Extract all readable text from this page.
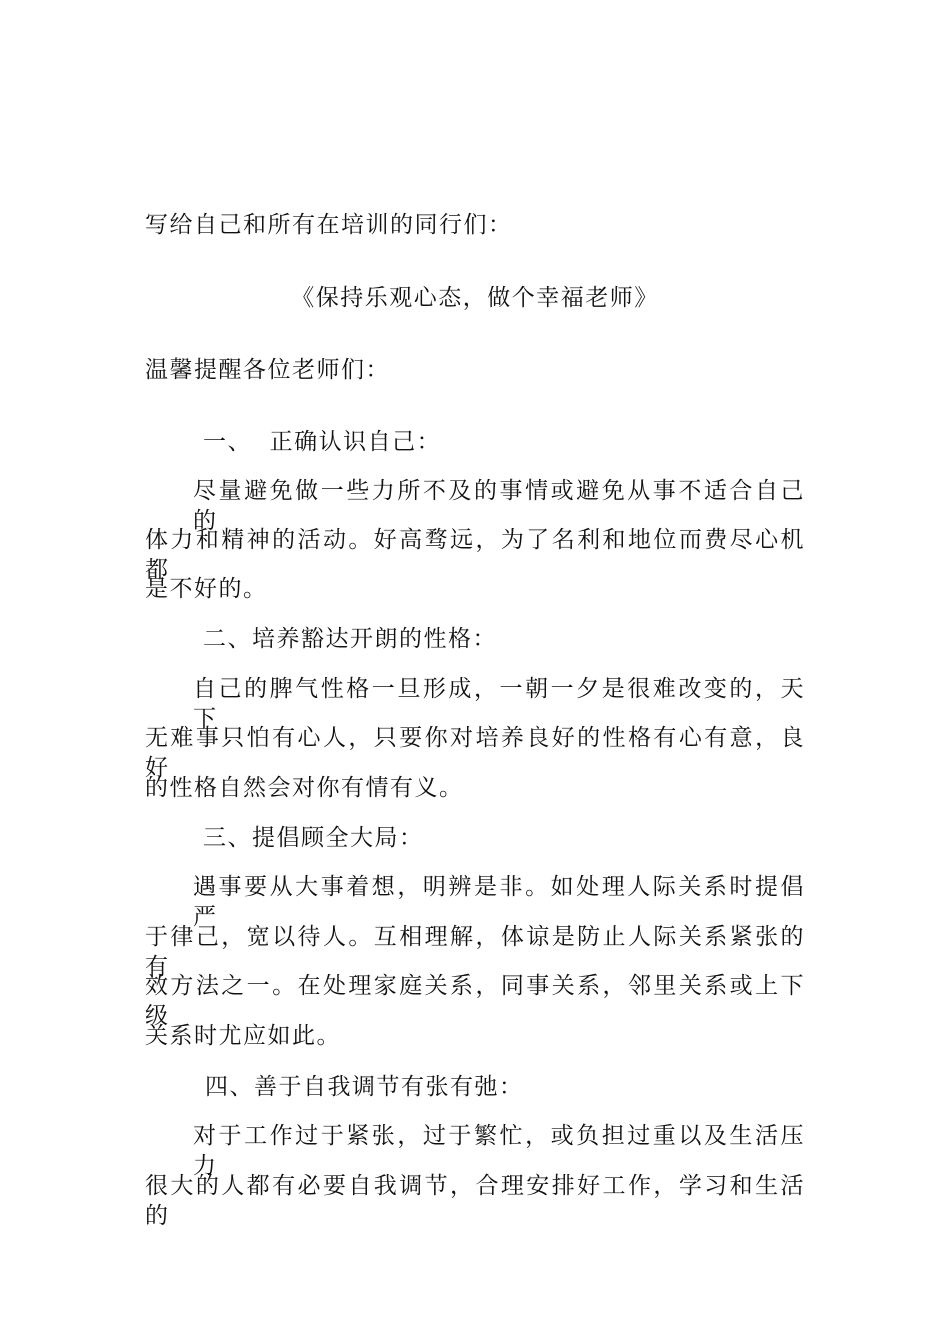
写给自己和所有在培训的同行们：
《保持乐观心态，做个幸福老师》
温馨提醒各位老师们：
一、  正确认识自己：
尽量避免做一些力所不及的事情或避免从事不适合自己的
体力和精神的活动。好高骛远，为了名利和地位而费尽心机都
是不好的。
二、培养豁达开朗的性格：
自己的脾气性格一旦形成，一朝一夕是很难改变的，天下
无难事只怕有心人，只要你对培养良好的性格有心有意，良好
的性格自然会对你有情有义。
三、提倡顾全大局：
遇事要从大事着想，明辨是非。如处理人际关系时提倡严
于律己，宽以待人。互相理解，体谅是防止人际关系紧张的有
效方法之一。在处理家庭关系，同事关系，邻里关系或上下级
关系时尤应如此。
四、善于自我调节有张有弛：
对于工作过于紧张，过于繁忙，或负担过重以及生活压力
很大的人都有必要自我调节，合理安排好工作，学习和生活的
